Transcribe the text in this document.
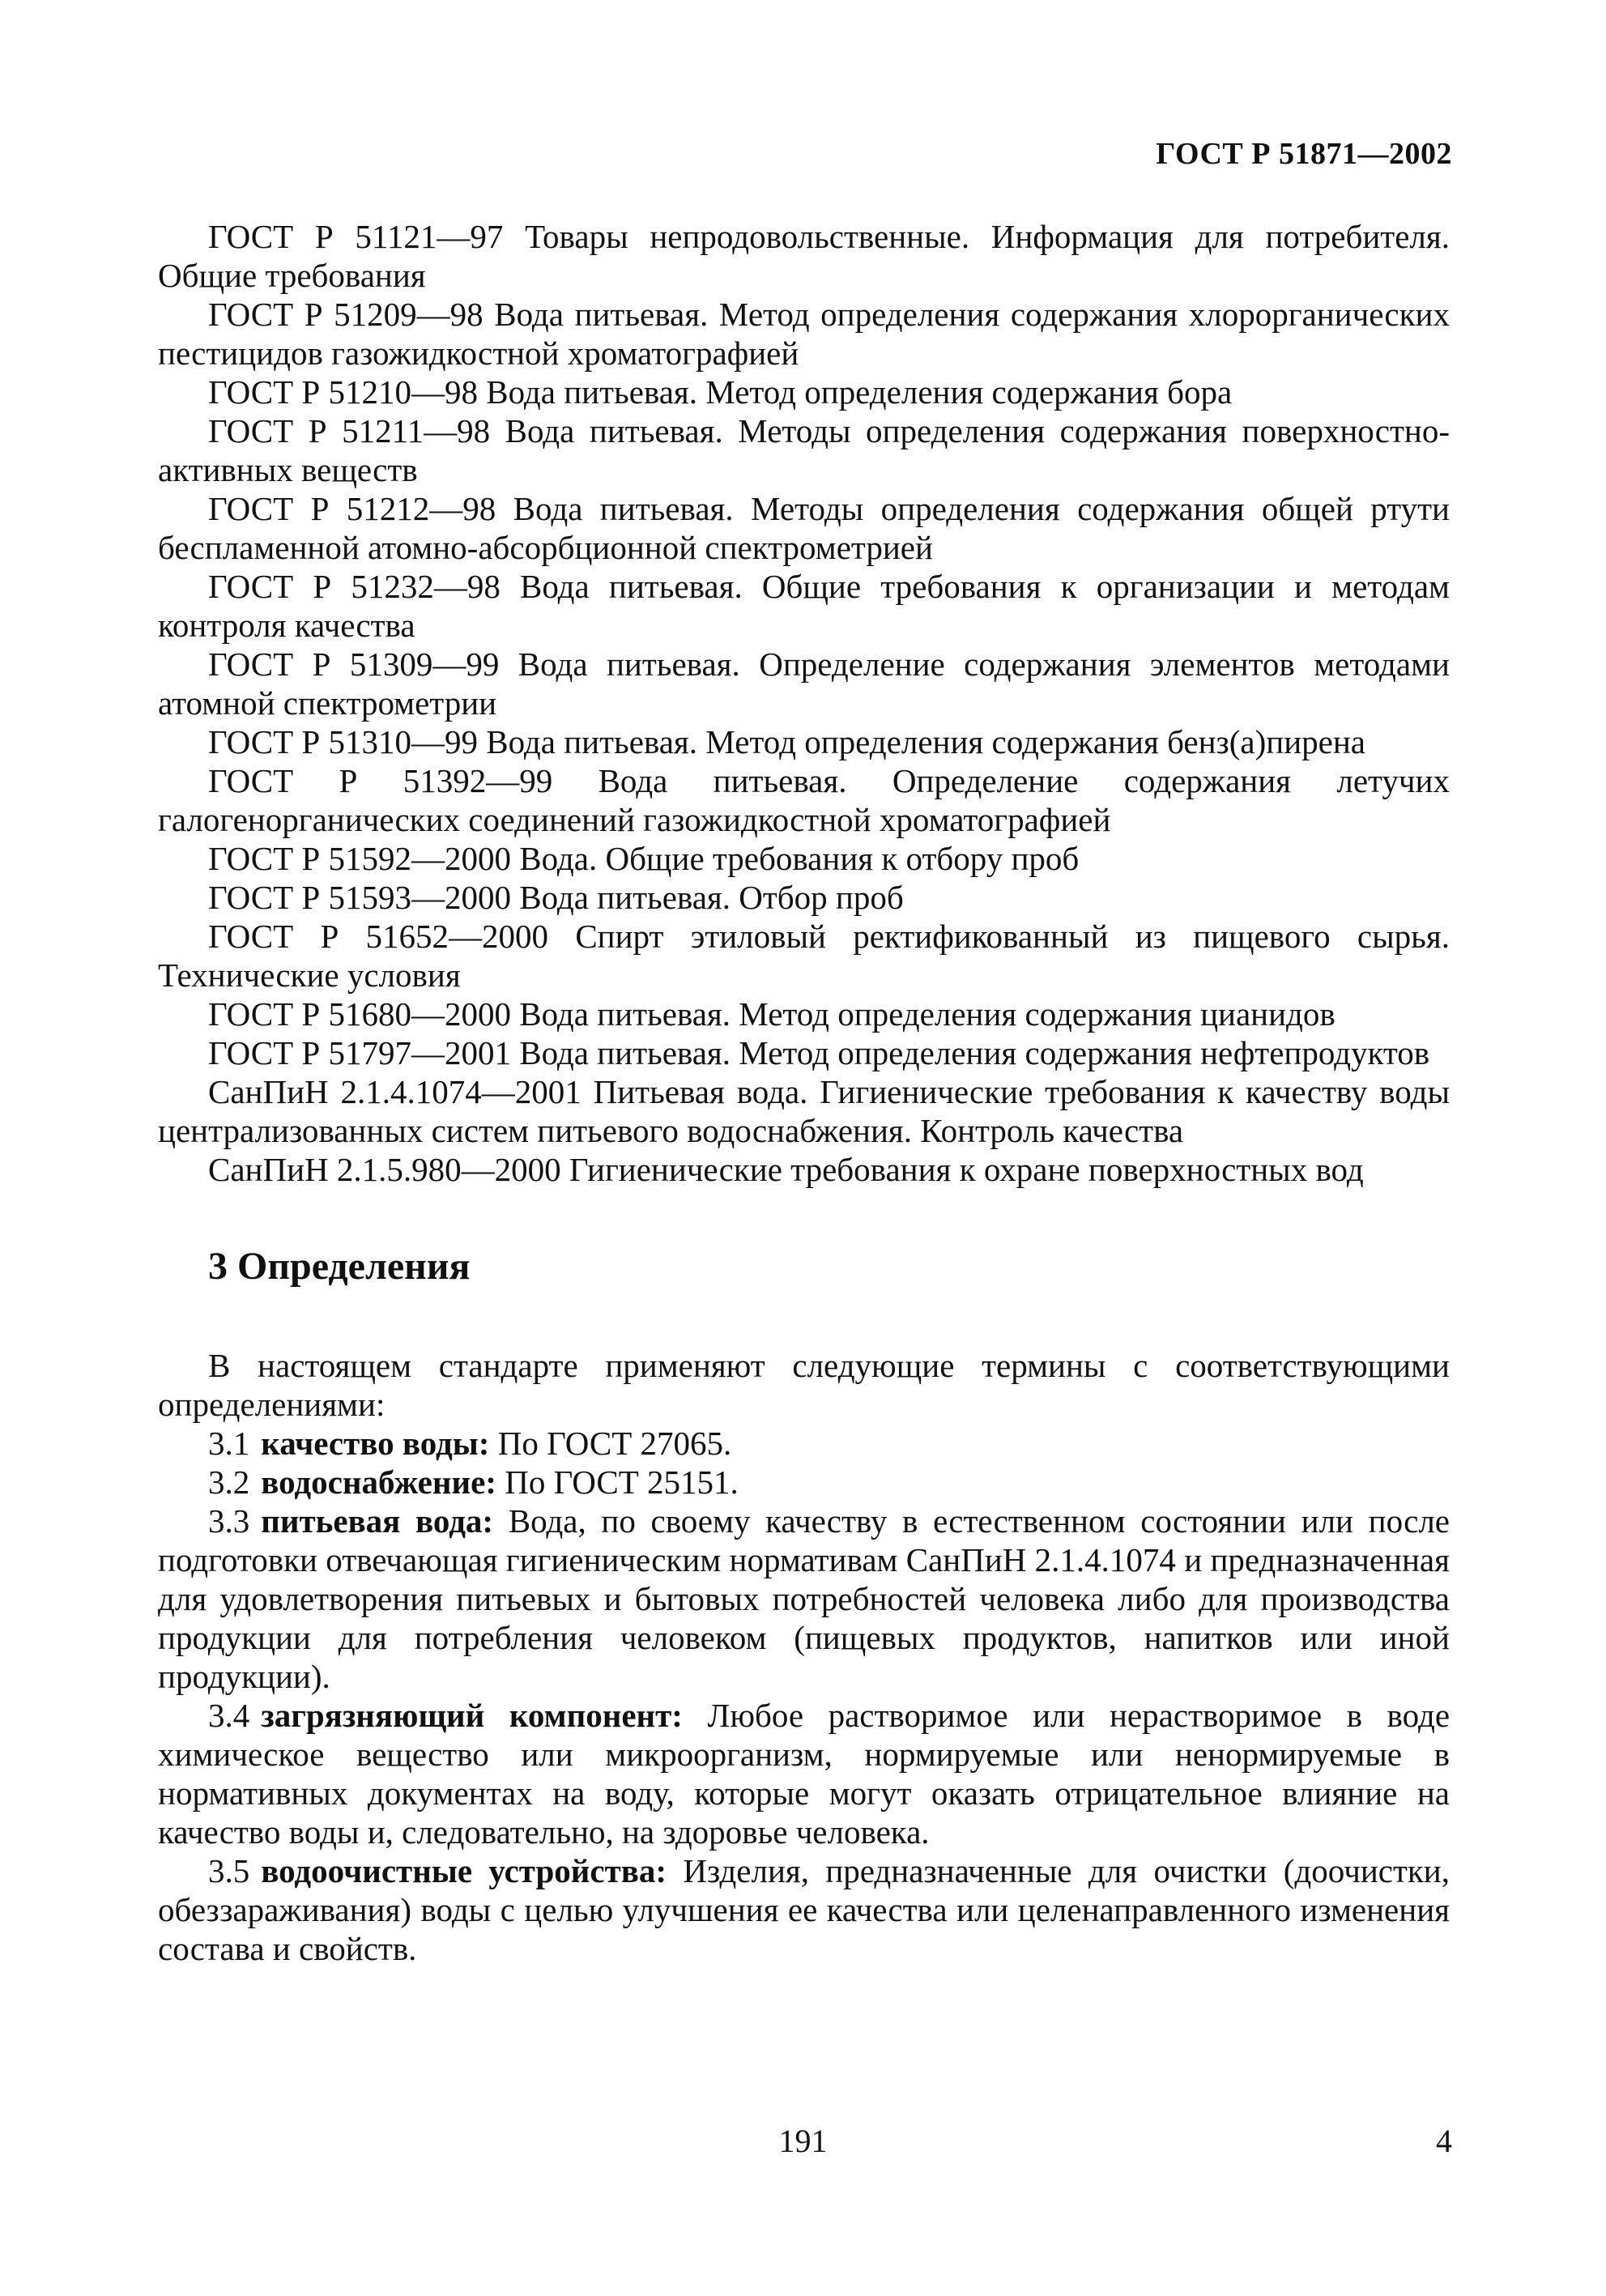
ГОСТ Р 51871—2002

ГОСТ Р 51121—97 Товары непродовольственные. Информация для потребителя. Общие требования

ГОСТ Р 51209—98 Вода питьевая. Метод определения содержания хлорорганических пестицидов газожидкостной хроматографией

ГОСТ Р 51210—98 Вода питьевая. Метод определения содержания бора

ГОСТ Р 51211—98 Вода питьевая. Методы определения содержания поверхностно-активных веществ

ГОСТ Р 51212—98 Вода питьевая. Методы определения содержания общей ртути беспламенной атомно-абсорбционной спектрометрией

ГОСТ Р 51232—98 Вода питьевая. Общие требования к организации и методам контроля качества

ГОСТ Р 51309—99 Вода питьевая. Определение содержания элементов методами атомной спектрометрии

ГОСТ Р 51310—99 Вода питьевая. Метод определения содержания бенз(а)пирена

ГОСТ Р 51392—99 Вода питьевая. Определение содержания летучих галогенорганических соединений газожидкостной хроматографией

ГОСТ Р 51592—2000 Вода. Общие требования к отбору проб

ГОСТ Р 51593—2000 Вода питьевая. Отбор проб

ГОСТ Р 51652—2000 Спирт этиловый ректификованный из пищевого сырья. Технические условия

ГОСТ Р 51680—2000 Вода питьевая. Метод определения содержания цианидов

ГОСТ Р 51797—2001 Вода питьевая. Метод определения содержания нефтепродуктов

СанПиН 2.1.4.1074—2001 Питьевая вода. Гигиенические требования к качеству воды централизованных систем питьевого водоснабжения. Контроль качества

СанПиН 2.1.5.980—2000 Гигиенические требования к охране поверхностных вод

3 Определения

В настоящем стандарте применяют следующие термины с соответствующими определениями:

3.1 качество воды: По ГОСТ 27065.

3.2 водоснабжение: По ГОСТ 25151.

3.3 питьевая вода: Вода, по своему качеству в естественном состоянии или после подготовки отвечающая гигиеническим нормативам СанПиН 2.1.4.1074 и предназначенная для удовлетворения питьевых и бытовых потребностей человека либо для производства продукции для потребления человеком (пищевых продуктов, напитков или иной продукции).

3.4 загрязняющий компонент: Любое растворимое или нерастворимое в воде химическое вещество или микроорганизм, нормируемые или ненормируемые в нормативных документах на воду, которые могут оказать отрицательное влияние на качество воды и, следовательно, на здоровье человека.

3.5 водоочистные устройства: Изделия, предназначенные для очистки (доочистки, обеззараживания) воды с целью улучшения ее качества или целенаправленного изменения состава и свойств.

191	4
